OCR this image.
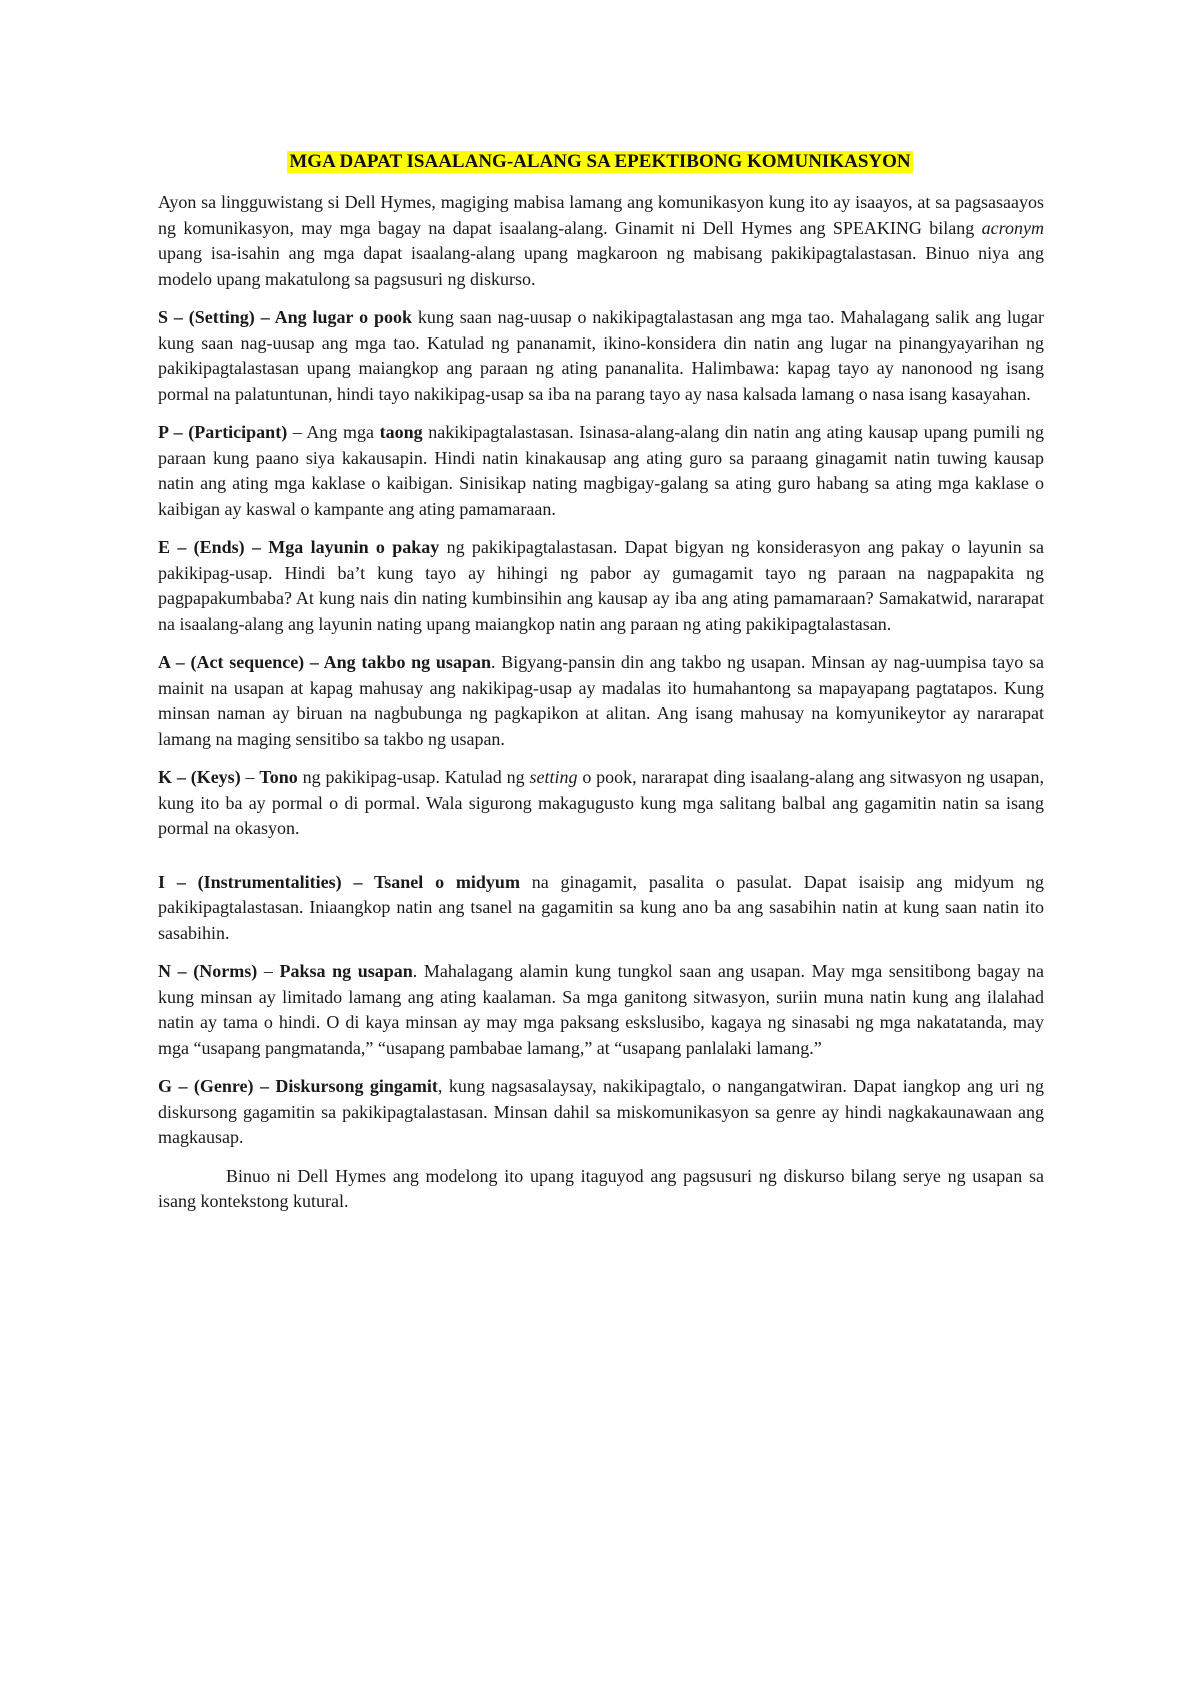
MGA DAPAT ISAALANG-ALANG SA EPEKTIBONG KOMUNIKASYON

Ayon sa lingguwistang si Dell Hymes, magiging mabisa lamang ang komunikasyon kung ito ay isaayos, at sa pagsasaayos ng komunikasyon, may mga bagay na dapat isaalang-alang. Ginamit ni Dell Hymes ang SPEAKING bilang acronym upang isa-isahin ang mga dapat isaalang-alang upang magkaroon ng mabisang pakikipagtalastasan. Binuo niya ang modelo upang makatulong sa pagsusuri ng diskurso.

S – (Setting) – Ang lugar o pook kung saan nag-uusap o nakikipagtalastasan ang mga tao. Mahalagang salik ang lugar kung saan nag-uusap ang mga tao. Katulad ng pananamit, ikino-konsidera din natin ang lugar na pinangyayarihan ng pakikipagtalastasan upang maiangkop ang paraan ng ating pananalita. Halimbawa: kapag tayo ay nanonood ng isang pormal na palatuntunan, hindi tayo nakikipag-usap sa iba na parang tayo ay nasa kalsada lamang o nasa isang kasayahan.

P – (Participant) – Ang mga taong nakikipagtalastasan. Isinasa-alang-alang din natin ang ating kausap upang pumili ng paraan kung paano siya kakausapin. Hindi natin kinakausap ang ating guro sa paraang ginagamit natin tuwing kausap natin ang ating mga kaklase o kaibigan. Sinisikap nating magbigay-galang sa ating guro habang sa ating mga kaklase o kaibigan ay kaswal o kampante ang ating pamamaraan.

E – (Ends) – Mga layunin o pakay ng pakikipagtalastasan. Dapat bigyan ng konsiderasyon ang pakay o layunin sa pakikipag-usap. Hindi ba’t kung tayo ay hihingi ng pabor ay gumagamit tayo ng paraan na nagpapakita ng pagpapakumbaba? At kung nais din nating kumbinsihin ang kausap ay iba ang ating pamamaraan? Samakatwid, nararapat na isaalang-alang ang layunin nating upang maiangkop natin ang paraan ng ating pakikipagtalastasan.

A – (Act sequence) – Ang takbo ng usapan. Bigyang-pansin din ang takbo ng usapan. Minsan ay nag-uumpisa tayo sa mainit na usapan at kapag mahusay ang nakikipag-usap ay madalas ito humahantong sa mapayapang pagtatapos. Kung minsan naman ay biruan na nagbubunga ng pagkapikon at alitan. Ang isang mahusay na komyunikeytor ay nararapat lamang na maging sensitibo sa takbo ng usapan.

K – (Keys) – Tono ng pakikipag-usap. Katulad ng setting o pook, nararapat ding isaalang-alang ang sitwasyon ng usapan, kung ito ba ay pormal o di pormal. Wala sigurong makagugusto kung mga salitang balbal ang gagamitin natin sa isang pormal na okasyon.

I – (Instrumentalities) – Tsanel o midyum na ginagamit, pasalita o pasulat. Dapat isaisip ang midyum ng pakikipagtalastasan. Iniaangkop natin ang tsanel na gagamitin sa kung ano ba ang sasabihin natin at kung saan natin ito sasabihin.

N – (Norms) – Paksa ng usapan. Mahalagang alamin kung tungkol saan ang usapan. May mga sensitibong bagay na kung minsan ay limitado lamang ang ating kaalaman. Sa mga ganitong sitwasyon, suriin muna natin kung ang ilalahad natin ay tama o hindi. O di kaya minsan ay may mga paksang eskslusibo, kagaya ng sinasabi ng mga nakatatanda, may mga “usapang pangmatanda,” “usapang pambabae lamang,” at “usapang panlalaki lamang.”

G – (Genre) – Diskursong gingamit, kung nagsasalaysay, nakikipagtalo, o nangangatwiran. Dapat iangkop ang uri ng diskursong gagamitin sa pakikipagtalastasan. Minsan dahil sa miskomunikasyon sa genre ay hindi nagkakaunawaan ang magkausap.

Binuo ni Dell Hymes ang modelong ito upang itaguyod ang pagsusuri ng diskurso bilang serye ng usapan sa isang kontekstong kutural.
